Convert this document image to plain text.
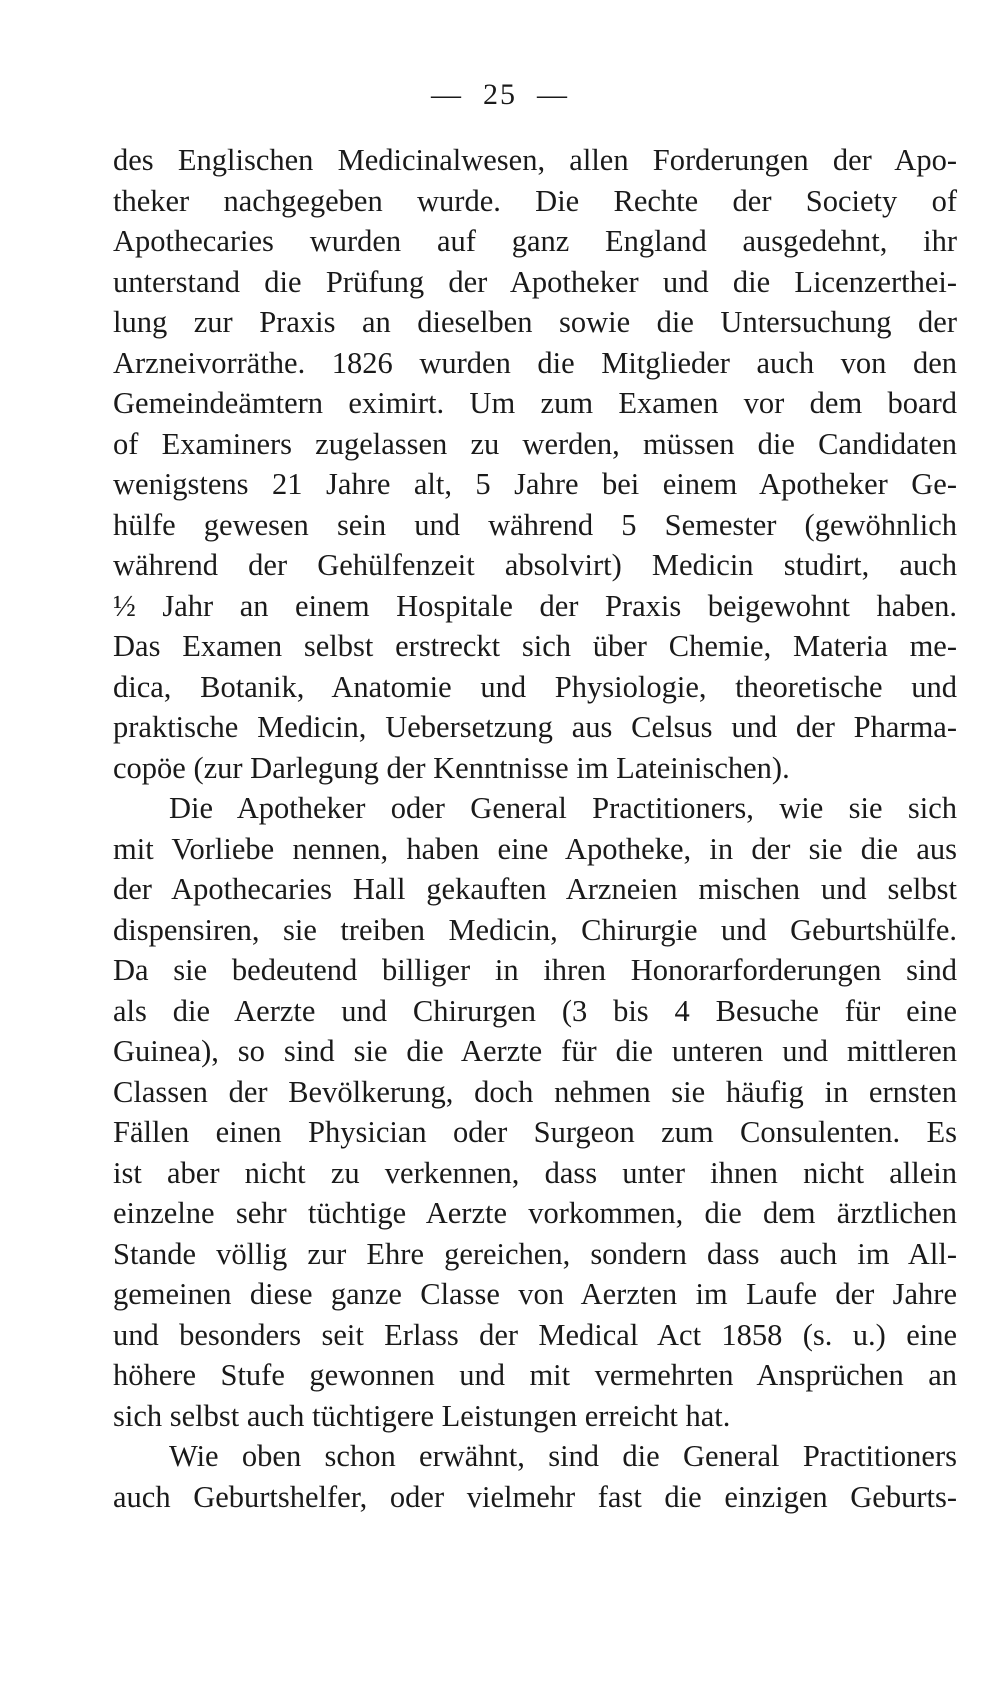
— 25 —
des Englischen Medicinalwesen, allen Forderungen der Apo-
theker nachgegeben wurde. Die Rechte der Society of
Apothecaries wurden auf ganz England ausgedehnt, ihr
unterstand die Prüfung der Apotheker und die Licenzerthei-
lung zur Praxis an dieselben sowie die Untersuchung der
Arzneivorräthe. 1826 wurden die Mitglieder auch von den
Gemeindeämtern eximirt. Um zum Examen vor dem board
of Examiners zugelassen zu werden, müssen die Candidaten
wenigstens 21 Jahre alt, 5 Jahre bei einem Apotheker Ge-
hülfe gewesen sein und während 5 Semester (gewöhnlich
während der Gehülfenzeit absolvirt) Medicin studirt, auch
½ Jahr an einem Hospitale der Praxis beigewohnt haben.
Das Examen selbst erstreckt sich über Chemie, Materia me-
dica, Botanik, Anatomie und Physiologie, theoretische und
praktische Medicin, Uebersetzung aus Celsus und der Pharma-
copöe (zur Darlegung der Kenntnisse im Lateinischen).
Die Apotheker oder General Practitioners, wie sie sich
mit Vorliebe nennen, haben eine Apotheke, in der sie die aus
der Apothecaries Hall gekauften Arzneien mischen und selbst
dispensiren, sie treiben Medicin, Chirurgie und Geburtshülfe.
Da sie bedeutend billiger in ihren Honorarforderungen sind
als die Aerzte und Chirurgen (3 bis 4 Besuche für eine
Guinea), so sind sie die Aerzte für die unteren und mittleren
Classen der Bevölkerung, doch nehmen sie häufig in ernsten
Fällen einen Physician oder Surgeon zum Consulenten. Es
ist aber nicht zu verkennen, dass unter ihnen nicht allein
einzelne sehr tüchtige Aerzte vorkommen, die dem ärztlichen
Stande völlig zur Ehre gereichen, sondern dass auch im All-
gemeinen diese ganze Classe von Aerzten im Laufe der Jahre
und besonders seit Erlass der Medical Act 1858 (s. u.) eine
höhere Stufe gewonnen und mit vermehrten Ansprüchen an
sich selbst auch tüchtigere Leistungen erreicht hat.
Wie oben schon erwähnt, sind die General Practitioners
auch Geburtshelfer, oder vielmehr fast die einzigen Geburts-
